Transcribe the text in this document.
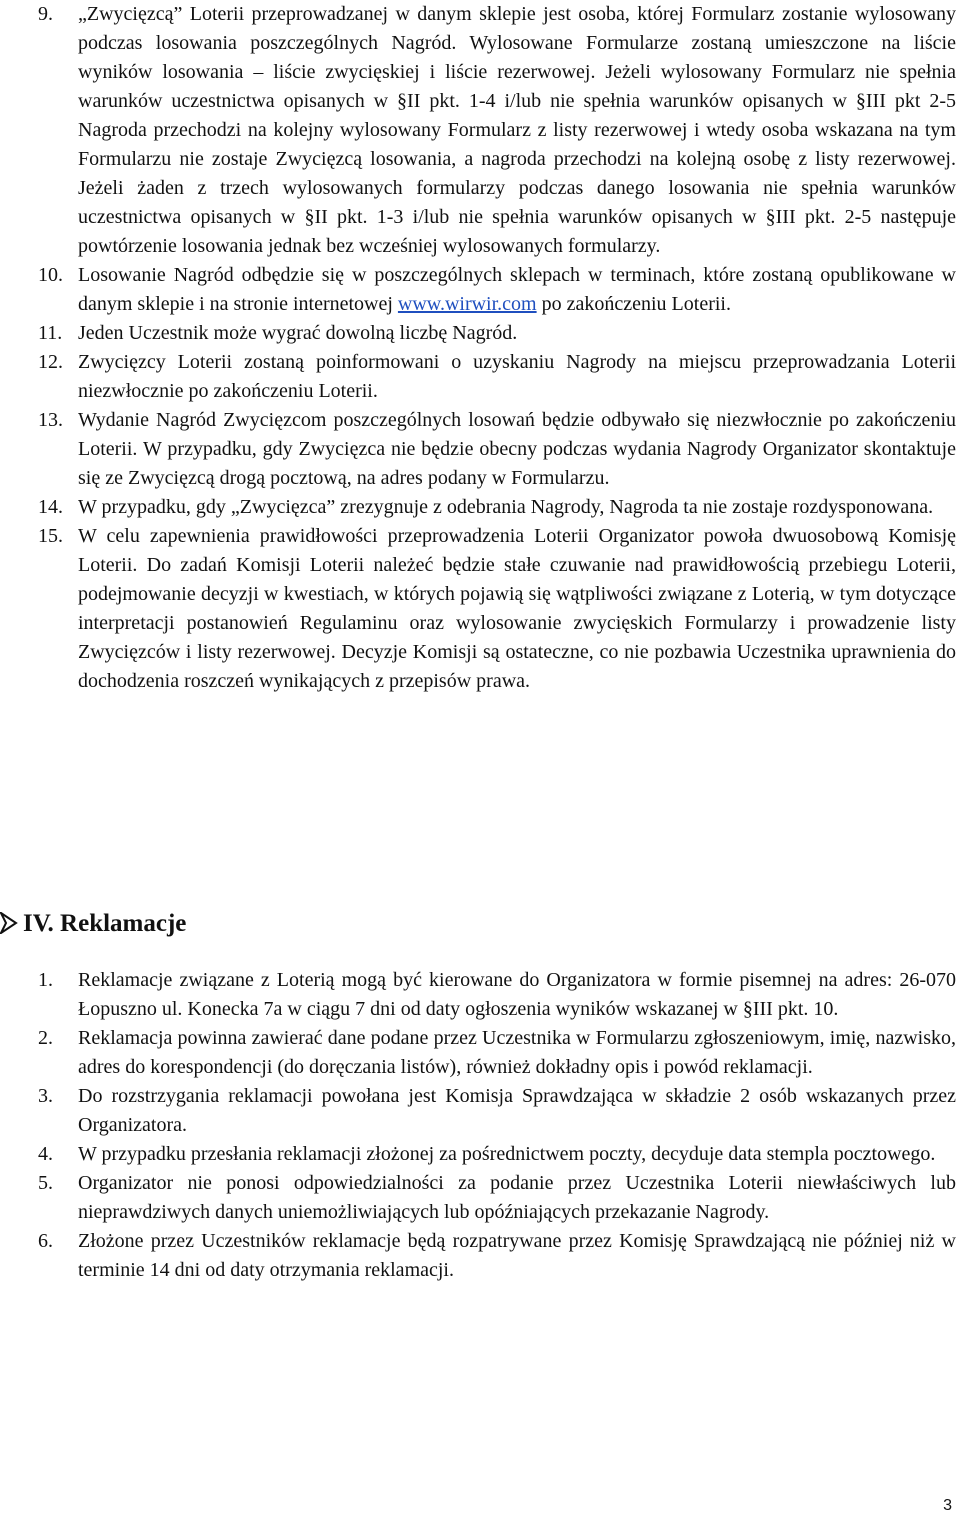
9. „Zwycięzcą” Loterii przeprowadzanej w danym sklepie jest osoba, której Formularz zostanie wylosowany podczas losowania poszczególnych Nagród. Wylosowane Formularze zostaną umieszczone na liście wyników losowania – liście zwycięskiej i liście rezerwowej. Jeżeli wylosowany Formularz nie spełnia warunków uczestnictwa opisanych w §II pkt. 1-4 i/lub nie spełnia warunków opisanych w §III pkt 2-5 Nagroda przechodzi na kolejny wylosowany Formularz z listy rezerwowej i wtedy osoba wskazana na tym Formularzu nie zostaje Zwycięzcą losowania, a nagroda przechodzi na kolejną osobę z listy rezerwowej. Jeżeli żaden z trzech wylosowanych formularzy podczas danego losowania nie spełnia warunków uczestnictwa opisanych w §II pkt. 1-3 i/lub nie spełnia warunków opisanych w §III pkt. 2-5 następuje powtórzenie losowania jednak bez wcześniej wylosowanych formularzy.
10. Losowanie Nagród odbędzie się w poszczególnych sklepach w terminach, które zostaną opublikowane w danym sklepie i na stronie internetowej www.wirwir.com po zakończeniu Loterii.
11. Jeden Uczestnik może wygrać dowolną liczbę Nagród.
12. Zwycięzcy Loterii zostaną poinformowani o uzyskaniu Nagrody na miejscu przeprowadzania Loterii niezwłocznie po zakończeniu Loterii.
13. Wydanie Nagród Zwycięzcom poszczególnych losowań będzie odbywało się niezwłocznie po zakończeniu Loterii. W przypadku, gdy Zwycięzca nie będzie obecny podczas wydania Nagrody Organizator skontaktuje się ze Zwycięzcą drogą pocztową, na adres podany w Formularzu.
14. W przypadku, gdy „Zwycięzca” zrezygnuje z odebrania Nagrody, Nagroda ta nie zostaje rozdysponowana.
15. W celu zapewnienia prawidłowości przeprowadzenia Loterii Organizator powoła dwuosobową Komisję Loterii. Do zadań Komisji Loterii należeć będzie stałe czuwanie nad prawidłowością przebiegu Loterii, podejmowanie decyzji w kwestiach, w których pojawią się wątpliwości związane z Loterią, w tym dotyczące interpretacji postanowień Regulaminu oraz wylosowanie zwycięskich Formularzy i prowadzenie listy Zwycięzców i listy rezerwowej. Decyzje Komisji są ostateczne, co nie pozbawia Uczestnika uprawnienia do dochodzenia roszczeń wynikających z przepisów prawa.
IV. Reklamacje
1. Reklamacje związane z Loterią mogą być kierowane do Organizatora w formie pisemnej na adres: 26-070 Łopuszno ul. Konecka 7a w ciągu 7 dni od daty ogłoszenia wyników wskazanej w §III pkt. 10.
2. Reklamacja powinna zawierać dane podane przez Uczestnika w Formularzu zgłoszeniowym, imię, nazwisko, adres do korespondencji (do doręczania listów), również dokładny opis i powód reklamacji.
3. Do rozstrzygania reklamacji powołana jest Komisja Sprawdzająca w składzie 2 osób wskazanych przez Organizatora.
4. W przypadku przesłania reklamacji złożonej za pośrednictwem poczty, decyduje data stempla pocztowego.
5. Organizator nie ponosi odpowiedzialności za podanie przez Uczestnika Loterii niewłaściwych lub nieprawdziwych danych uniemożliwiających lub opóźniających przekazanie Nagrody.
6. Złożone przez Uczestników reklamacje będą rozpatrywane przez Komisję Sprawdzającą nie później niż w terminie 14 dni od daty otrzymania reklamacji.
3
